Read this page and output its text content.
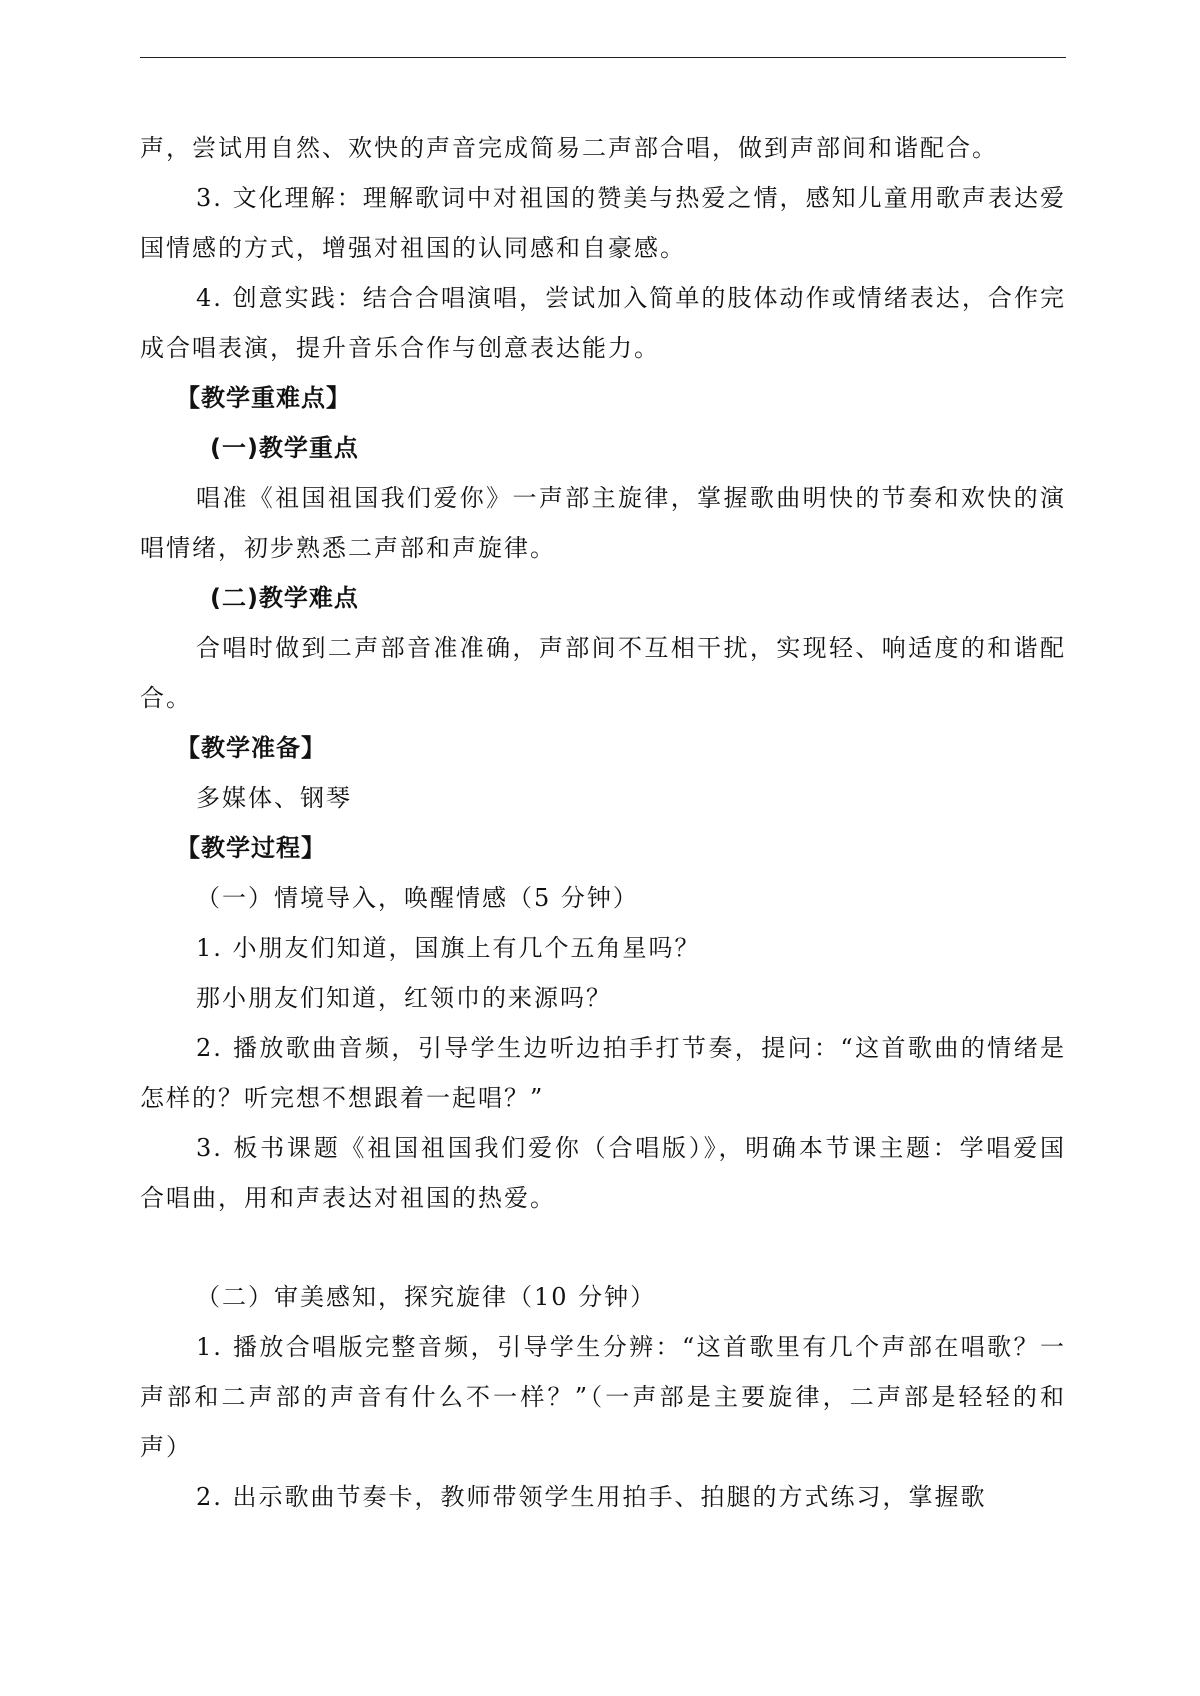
声，尝试用自然、欢快的声音完成简易二声部合唱，做到声部间和谐配合。

3. 文化理解：理解歌词中对祖国的赞美与热爱之情，感知儿童用歌声表达爱国情感的方式，增强对祖国的认同感和自豪感。

4. 创意实践：结合合唱演唱，尝试加入简单的肢体动作或情绪表达，合作完成合唱表演，提升音乐合作与创意表达能力。

【教学重难点】

(一)教学重点

唱准《祖国祖国我们爱你》一声部主旋律，掌握歌曲明快的节奏和欢快的演唱情绪，初步熟悉二声部和声旋律。

(二)教学难点

合唱时做到二声部音准准确，声部间不互相干扰，实现轻、响适度的和谐配合。

【教学准备】

多媒体、钢琴

【教学过程】

（一）情境导入，唤醒情感（5 分钟）

1. 小朋友们知道，国旗上有几个五角星吗？

那小朋友们知道，红领巾的来源吗？

2. 播放歌曲音频，引导学生边听边拍手打节奏，提问：“这首歌曲的情绪是怎样的？听完想不想跟着一起唱？”

3. 板书课题《祖国祖国我们爱你（合唱版）》，明确本节课主题：学唱爱国合唱曲，用和声表达对祖国的热爱。

（二）审美感知，探究旋律（10 分钟）

1. 播放合唱版完整音频，引导学生分辨：“这首歌里有几个声部在唱歌？一声部和二声部的声音有什么不一样？”（一声部是主要旋律，二声部是轻轻的和声）

2. 出示歌曲节奏卡，教师带领学生用拍手、拍腿的方式练习，掌握歌
